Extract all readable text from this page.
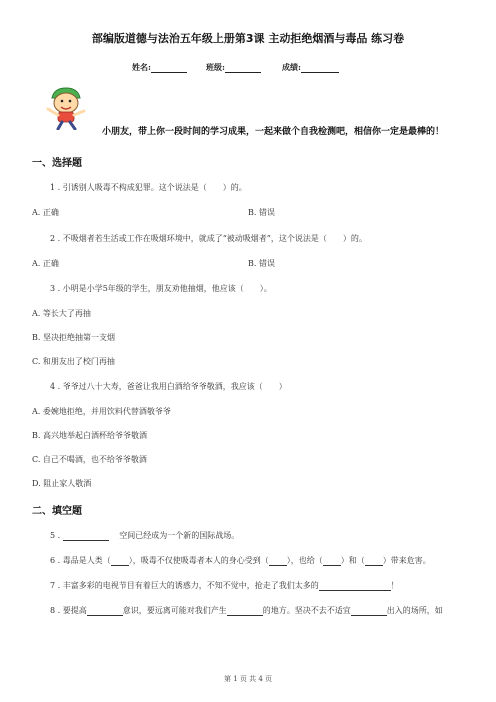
部编版道德与法治五年级上册第3课 主动拒绝烟酒与毒品 练习卷
姓名:	班级:	成绩:
小朋友，带上你一段时间的学习成果，一起来做个自我检测吧，相信你一定是最棒的！
一、选择题
1 . 引诱别人吸毒不构成犯罪。这个说法是（　　）的。
A. 正确	B. 错误
2 . 不吸烟者若生活或工作在吸烟环境中，就成了“被动吸烟者”，这个说法是（　　）的。
A. 正确	B. 错误
3 . 小明是小学5年级的学生，朋友劝他抽烟，他应该（　　）。
A. 等长大了再抽
B. 坚决拒绝抽第一支烟
C. 和朋友出了校门再抽
4 . 爷爷过八十大寿，爸爸让我用白酒给爷爷敬酒，我应该（　　）
A. 委婉地拒绝，并用饮料代替酒敬爷爷
B. 高兴地举起白酒杯给爷爷敬酒
C. 自己不喝酒，也不给爷爷敬酒
D. 阻止家人敬酒
二、填空题
5 .	空间已经成为一个新的国际战场。
6 . 毒品是人类（ ），吸毒不仅使吸毒者本人的身心受到（ ），也给（ ）和（ ）带来危害。
7 . 丰富多彩的电视节目有着巨大的诱惑力，不知不觉中，抢走了我们太多的	！
8 . 要提高	意识，要远离可能对我们产生	的地方。坚决不去不适宜	出入的场所，如
第 1 页 共 4 页
